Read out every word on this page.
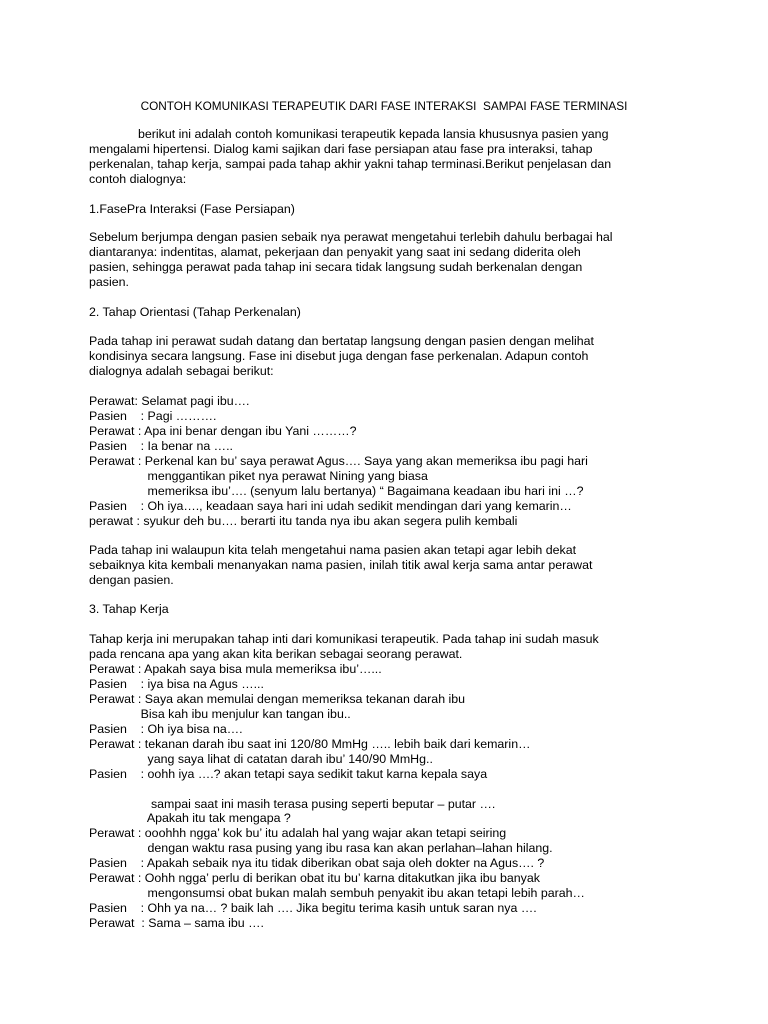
CONTOH KOMUNIKASI TERAPEUTIK DARI FASE INTERAKSI  SAMPAI FASE TERMINASI
berikut ini adalah contoh komunikasi terapeutik kepada lansia khususnya pasien yang
mengalami hipertensi. Dialog kami sajikan dari fase persiapan atau fase pra interaksi, tahap
perkenalan, tahap kerja, sampai pada tahap akhir yakni tahap terminasi.Berikut penjelasan dan
contoh dialognya:
1.FasePra Interaksi (Fase Persiapan)
Sebelum berjumpa dengan pasien sebaik nya perawat mengetahui terlebih dahulu berbagai hal
diantaranya: indentitas, alamat, pekerjaan dan penyakit yang saat ini sedang diderita oleh
pasien, sehingga perawat pada tahap ini secara tidak langsung sudah berkenalan dengan
pasien.
2. Tahap Orientasi (Tahap Perkenalan)
Pada tahap ini perawat sudah datang dan bertatap langsung dengan pasien dengan melihat
kondisinya secara langsung. Fase ini disebut juga dengan fase perkenalan. Adapun contoh
dialognya adalah sebagai berikut:
Perawat: Selamat pagi ibu….
Pasien    : Pagi ……….
Perawat : Apa ini benar dengan ibu Yani ………?
Pasien    : Ia benar na …..
Perawat : Perkenal kan bu’ saya perawat Agus…. Saya yang akan memeriksa ibu pagi hari
menggantikan piket nya perawat Nining yang biasa
memeriksa ibu’…. (senyum lalu bertanya) “ Bagaimana keadaan ibu hari ini …?
Pasien    : Oh iya…., keadaan saya hari ini udah sedikit mendingan dari yang kemarin…
perawat : syukur deh bu…. berarti itu tanda nya ibu akan segera pulih kembali
Pada tahap ini walaupun kita telah mengetahui nama pasien akan tetapi agar lebih dekat
sebaiknya kita kembali menanyakan nama pasien, inilah titik awal kerja sama antar perawat
dengan pasien.
3. Tahap Kerja
Tahap kerja ini merupakan tahap inti dari komunikasi terapeutik. Pada tahap ini sudah masuk
pada rencana apa yang akan kita berikan sebagai seorang perawat.
Perawat : Apakah saya bisa mula memeriksa ibu’…...
Pasien    : iya bisa na Agus …...
Perawat : Saya akan memulai dengan memeriksa tekanan darah ibu
Bisa kah ibu menjulur kan tangan ibu..
Pasien    : Oh iya bisa na….
Perawat : tekanan darah ibu saat ini 120/80 MmHg ….. lebih baik dari kemarin…
yang saya lihat di catatan darah ibu’ 140/90 MmHg..
Pasien    : oohh iya ….? akan tetapi saya sedikit takut karna kepala saya
sampai saat ini masih terasa pusing seperti beputar – putar ….
Apakah itu tak mengapa ?
Perawat : ooohhh ngga’ kok bu’ itu adalah hal yang wajar akan tetapi seiring
dengan waktu rasa pusing yang ibu rasa kan akan perlahan–lahan hilang.
Pasien    : Apakah sebaik nya itu tidak diberikan obat saja oleh dokter na Agus…. ?
Perawat : Oohh ngga’ perlu di berikan obat itu bu’ karna ditakutkan jika ibu banyak
mengonsumsi obat bukan malah sembuh penyakit ibu akan tetapi lebih parah…
Pasien    : Ohh ya na… ? baik lah …. Jika begitu terima kasih untuk saran nya ….
Perawat  : Sama – sama ibu ….
